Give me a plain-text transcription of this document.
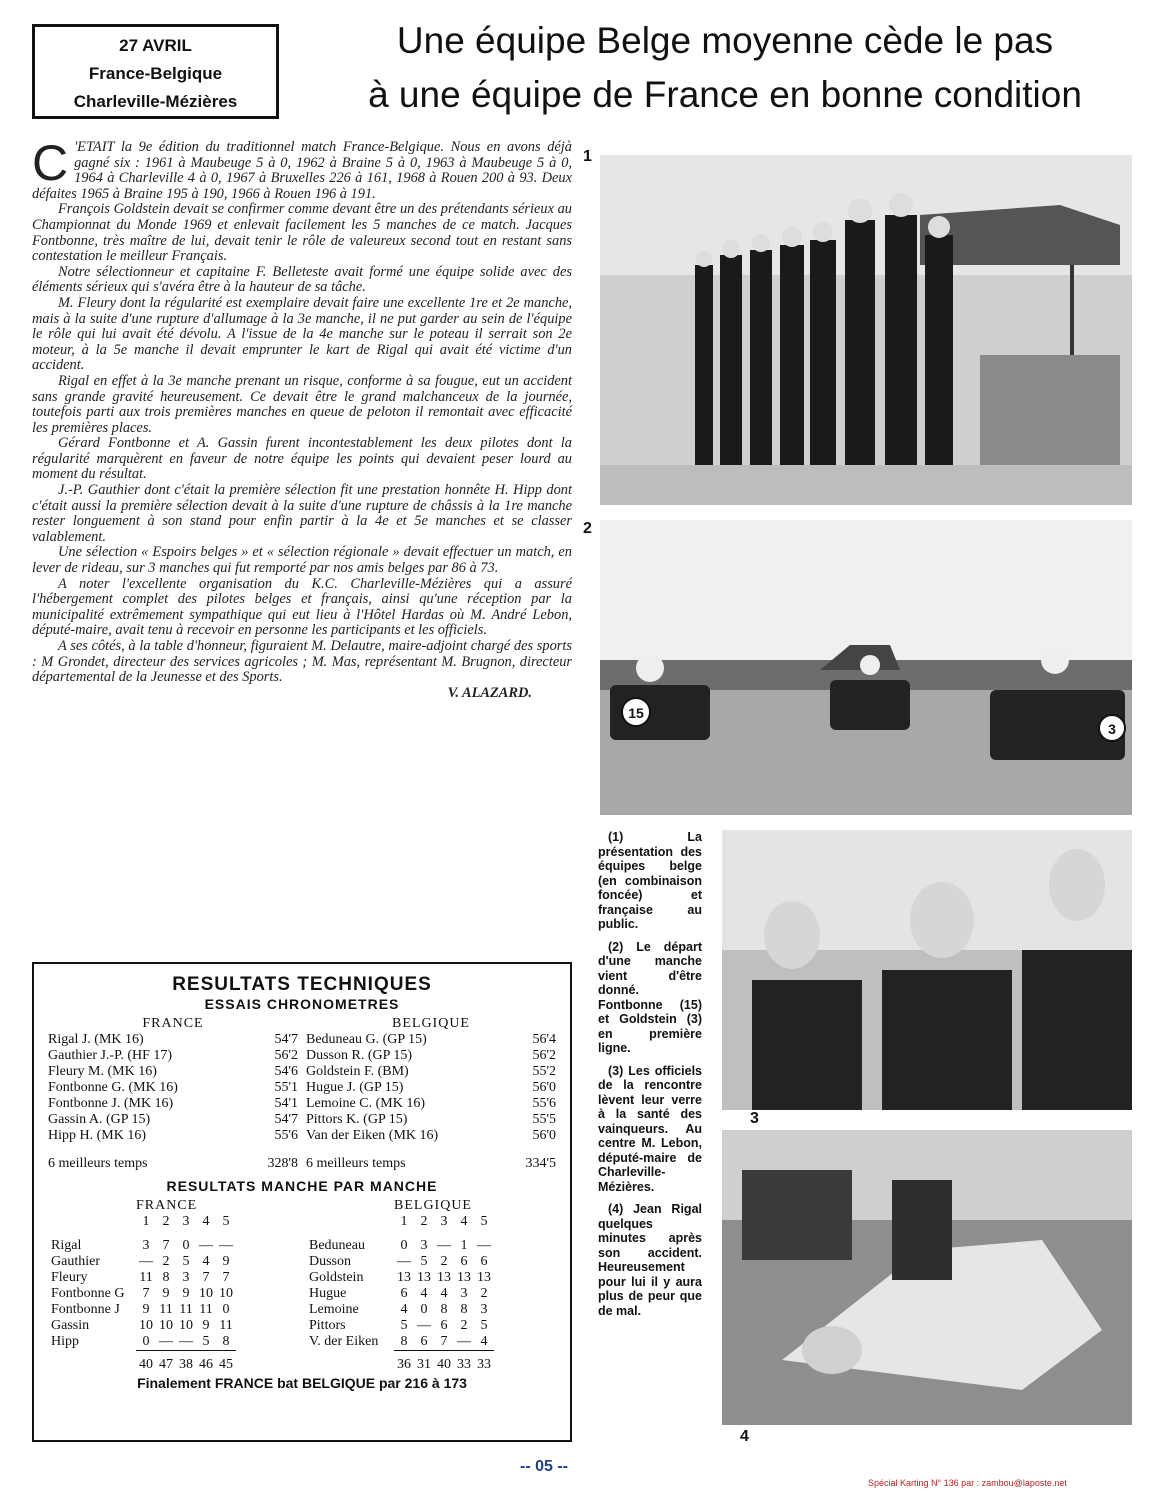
27 AVRIL
France-Belgique
Charleville-Mézières
Une équipe Belge moyenne cède le pas
à une équipe de France en bonne condition

C 'ETAIT la 9e édition du traditionnel match France-Belgique. Nous en avons déjà gagné six : 1961 à Maubeuge 5 à 0, 1962 à Braine 5 à 0, 1963 à Maubeuge 5 à 0, 1964 à Charleville 4 à 0, 1967 à Bruxelles 226 à 161, 1968 à Rouen 200 à 93. Deux défaites 1965 à Braine 195 à 190, 1966 à Rouen 196 à 191.

François Goldstein devait se confirmer comme devant être un des prétendants sérieux au Championnat du Monde 1969 et enlevait facilement les 5 manches de ce match. Jacques Fontbonne, très maître de lui, devait tenir le rôle de valeureux second tout en restant sans contestation le meilleur Français.

Notre sélectionneur et capitaine F. Belleteste avait formé une équipe solide avec des éléments sérieux qui s'avéra être à la hauteur de sa tâche.

M. Fleury dont la régularité est exemplaire devait faire une excellente 1re et 2e manche, mais à la suite d'une rupture d'allumage à la 3e manche, il ne put garder au sein de l'équipe le rôle qui lui avait été dévolu. A l'issue de la 4e manche sur le poteau il serrait son 2e moteur, à la 5e manche il devait emprunter le kart de Rigal qui avait été victime d'un accident.

Rigal en effet à la 3e manche prenant un risque, conforme à sa fougue, eut un accident sans grande gravité heureusement. Ce devait être le grand malchanceux de la journée, toutefois parti aux trois premières manches en queue de peloton il remontait avec efficacité les premières places.

Gérard Fontbonne et A. Gassin furent incontestablement les deux pilotes dont la régularité marquèrent en faveur de notre équipe les points qui devaient peser lourd au moment du résultat.

J.-P. Gauthier dont c'était la première sélection fit une prestation honnête H. Hipp dont c'était aussi la première sélection devait à la suite d'une rupture de châssis à la 1re manche rester longuement à son stand pour enfin partir à la 4e et 5e manches et se classer valablement.

Une sélection « Espoirs belges » et « sélection régionale » devait effectuer un match, en lever de rideau, sur 3 manches qui fut remporté par nos amis belges par 86 à 73.

A noter l'excellente organisation du K.C. Charleville-Mézières qui a assuré l'hébergement complet des pilotes belges et français, ainsi qu'une réception par la municipalité extrêmement sympathique qui eut lieu à l'Hôtel Hardas où M. André Lebon, député-maire, avait tenu à recevoir en personne les participants et les officiels.

A ses côtés, à la table d'honneur, figuraient M. Delautre, maire-adjoint chargé des sports : M Grondet, directeur des services agricoles ; M. Mas, représentant M. Brugnon, directeur départemental de la Jeunesse et des Sports.

V. ALAZARD.

RESULTATS TECHNIQUES
ESSAIS CHRONOMETRES
FRANCE
Rigal J. (MK 16)	54'7
Gauthier J.-P. (HF 17)	56'2
Fleury M. (MK 16)	54'6
Fontbonne G. (MK 16)	55'1
Fontbonne J. (MK 16)	54'1
Gassin A. (GP 15)	54'7
Hipp H. (MK 16)	55'6
6 meilleurs temps	328'8
BELGIQUE
Beduneau G. (GP 15)	56'4
Dusson R. (GP 15)	56'2
Goldstein F. (BM)	55'2
Hugue J. (GP 15)	56'0
Lemoine C. (MK 16)	55'6
Pittors K. (GP 15)	55'5
Van der Eiken (MK 16)	56'0
6 meilleurs temps	334'5
RESULTATS MANCHE PAR MANCHE
FRANCE
	1	2	3	4	5

Rigal	3	7	0	—	—
Gauthier	—	2	5	4	9
Fleury	11	8	3	7	7
Fontbonne G	7	9	9	10	10
Fontbonne J	9	11	11	11	0
Gassin	10	10	10	9	11
Hipp	0	—	—	5	8
	40	47	38	46	45
BELGIQUE
	1	2	3	4	5

Beduneau	0	3	—	1	—
Dusson	—	5	2	6	6
Goldstein	13	13	13	13	13
Hugue	6	4	4	3	2
Lemoine	4	0	8	8	3
Pittors	5	—	6	2	5
V. der Eiken	8	6	7	—	4
	36	31	40	33	33
Finalement FRANCE bat BELGIQUE par 216 à 173
1
2
15
3
3
4

(1) La présentation des équipes belge (en combinaison foncée) et française au public.

(2) Le départ d'une manche vient d'être donné. Fontbonne (15) et Goldstein (3) en première ligne.

(3) Les officiels de la rencontre lèvent leur verre à la santé des vainqueurs. Au centre M. Lebon, député-maire de Charleville-Mézières.

(4) Jean Rigal quelques minutes après son accident. Heureusement pour lui il y aura plus de peur que de mal.

-- 05 --
Spécial Karting N° 136 par : zambou@laposte.net
